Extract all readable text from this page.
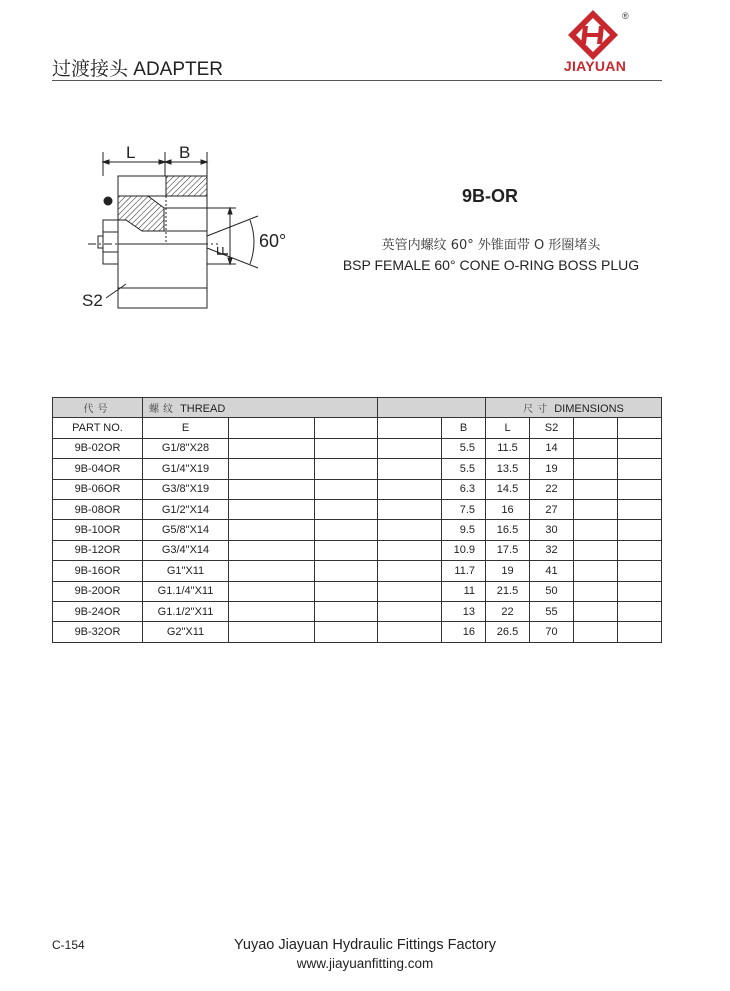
过渡接头 ADAPTER
®
JIAYUAN
L	B
F
60°
S2
9B-OR
英管内螺纹 60° 外锥面带 O 形圈堵头
BSP FEMALE 60° CONE O-RING BOSS PLUG
代号	螺纹 THREAD					尺寸 DIMENSIONS			
PART NO.	E				B	L	S2		
9B-02OR	G1/8"X28				5.5	11.5	14		
9B-04OR	G1/4"X19				5.5	13.5	19		
9B-06OR	G3/8"X19				6.3	14.5	22		
9B-08OR	G1/2"X14				7.5	16	27		
9B-10OR	G5/8"X14				9.5	16.5	30		
9B-12OR	G3/4"X14				10.9	17.5	32		
9B-16OR	G1"X11				11.7	19	41		
9B-20OR	G1.1/4"X11				11	21.5	50		
9B-24OR	G1.1/2"X11				13	22	55		
9B-32OR	G2"X11				16	26.5	70		
C-154	Yuyao Jiayuan Hydraulic Fittings Factory
www.jiayuanfitting.com
